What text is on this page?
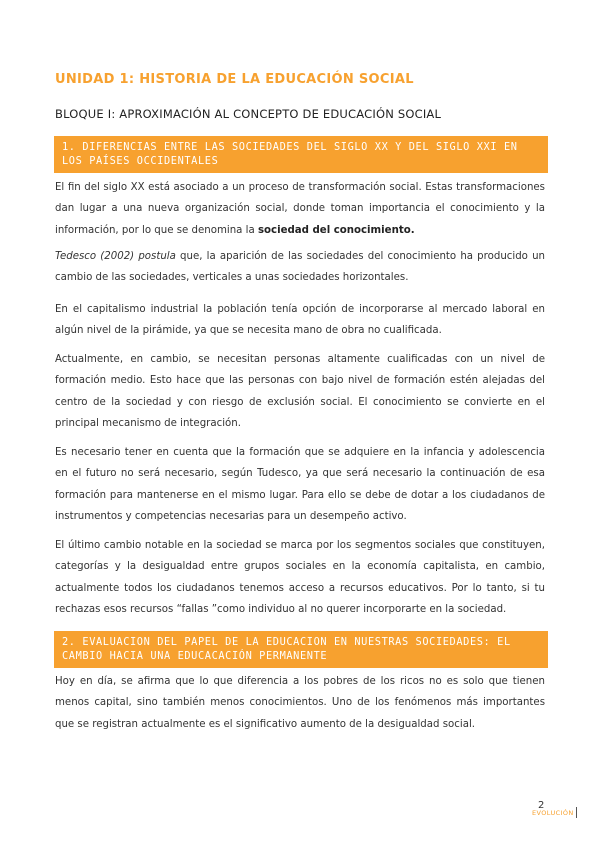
UNIDAD 1: HISTORIA DE LA EDUCACIÓN SOCIAL
BLOQUE I: APROXIMACIÓN AL CONCEPTO DE EDUCACIÓN SOCIAL
1. DIFERENCIAS ENTRE LAS SOCIEDADES DEL SIGLO XX Y DEL SIGLO XXI EN LOS PAÍSES OCCIDENTALES

El fin del siglo XX está asociado a un proceso de transformación social. Estas transformaciones dan lugar a una nueva organización social, donde toman importancia el conocimiento y la información, por lo que se denomina la sociedad del conocimiento.

Tedesco (2002) postula que, la aparición de las sociedades del conocimiento ha producido un cambio de las sociedades, verticales a unas sociedades horizontales.

En el capitalismo industrial la población tenía opción de incorporarse al mercado laboral en algún nivel de la pirámide, ya que se necesita mano de obra no cualificada.

Actualmente, en cambio, se necesitan personas altamente cualificadas con un nivel de formación medio. Esto hace que las personas con bajo nivel de formación estén alejadas del centro de la sociedad y con riesgo de exclusión social. El conocimiento se convierte en el principal mecanismo de integración.

Es necesario tener en cuenta que la formación que se adquiere en la infancia y adolescencia en el futuro no será necesario, según Tudesco, ya que será necesario la continuación de esa formación para mantenerse en el mismo lugar. Para ello se debe de dotar a los ciudadanos de instrumentos y competencias necesarias para un desempeño activo.

El último cambio notable en la sociedad se marca por los segmentos sociales que constituyen, categorías y la desigualdad entre grupos sociales en la economía capitalista, en cambio, actualmente todos los ciudadanos tenemos acceso a recursos educativos. Por lo tanto, si tu rechazas esos recursos “fallas ”como individuo al no querer incorporarte en la sociedad.

2. EVALUACION DEL PAPEL DE LA EDUCACION EN NUESTRAS SOCIEDADES: EL CAMBIO HACIA UNA EDUCACACIÓN PERMANENTE

Hoy en día, se afirma que lo que diferencia a los pobres de los ricos no es solo que tienen menos capital, sino también menos conocimientos. Uno de los fenómenos más importantes que se registran actualmente es el significativo aumento de la desigualdad social.

2
EVOLUCIÓN
